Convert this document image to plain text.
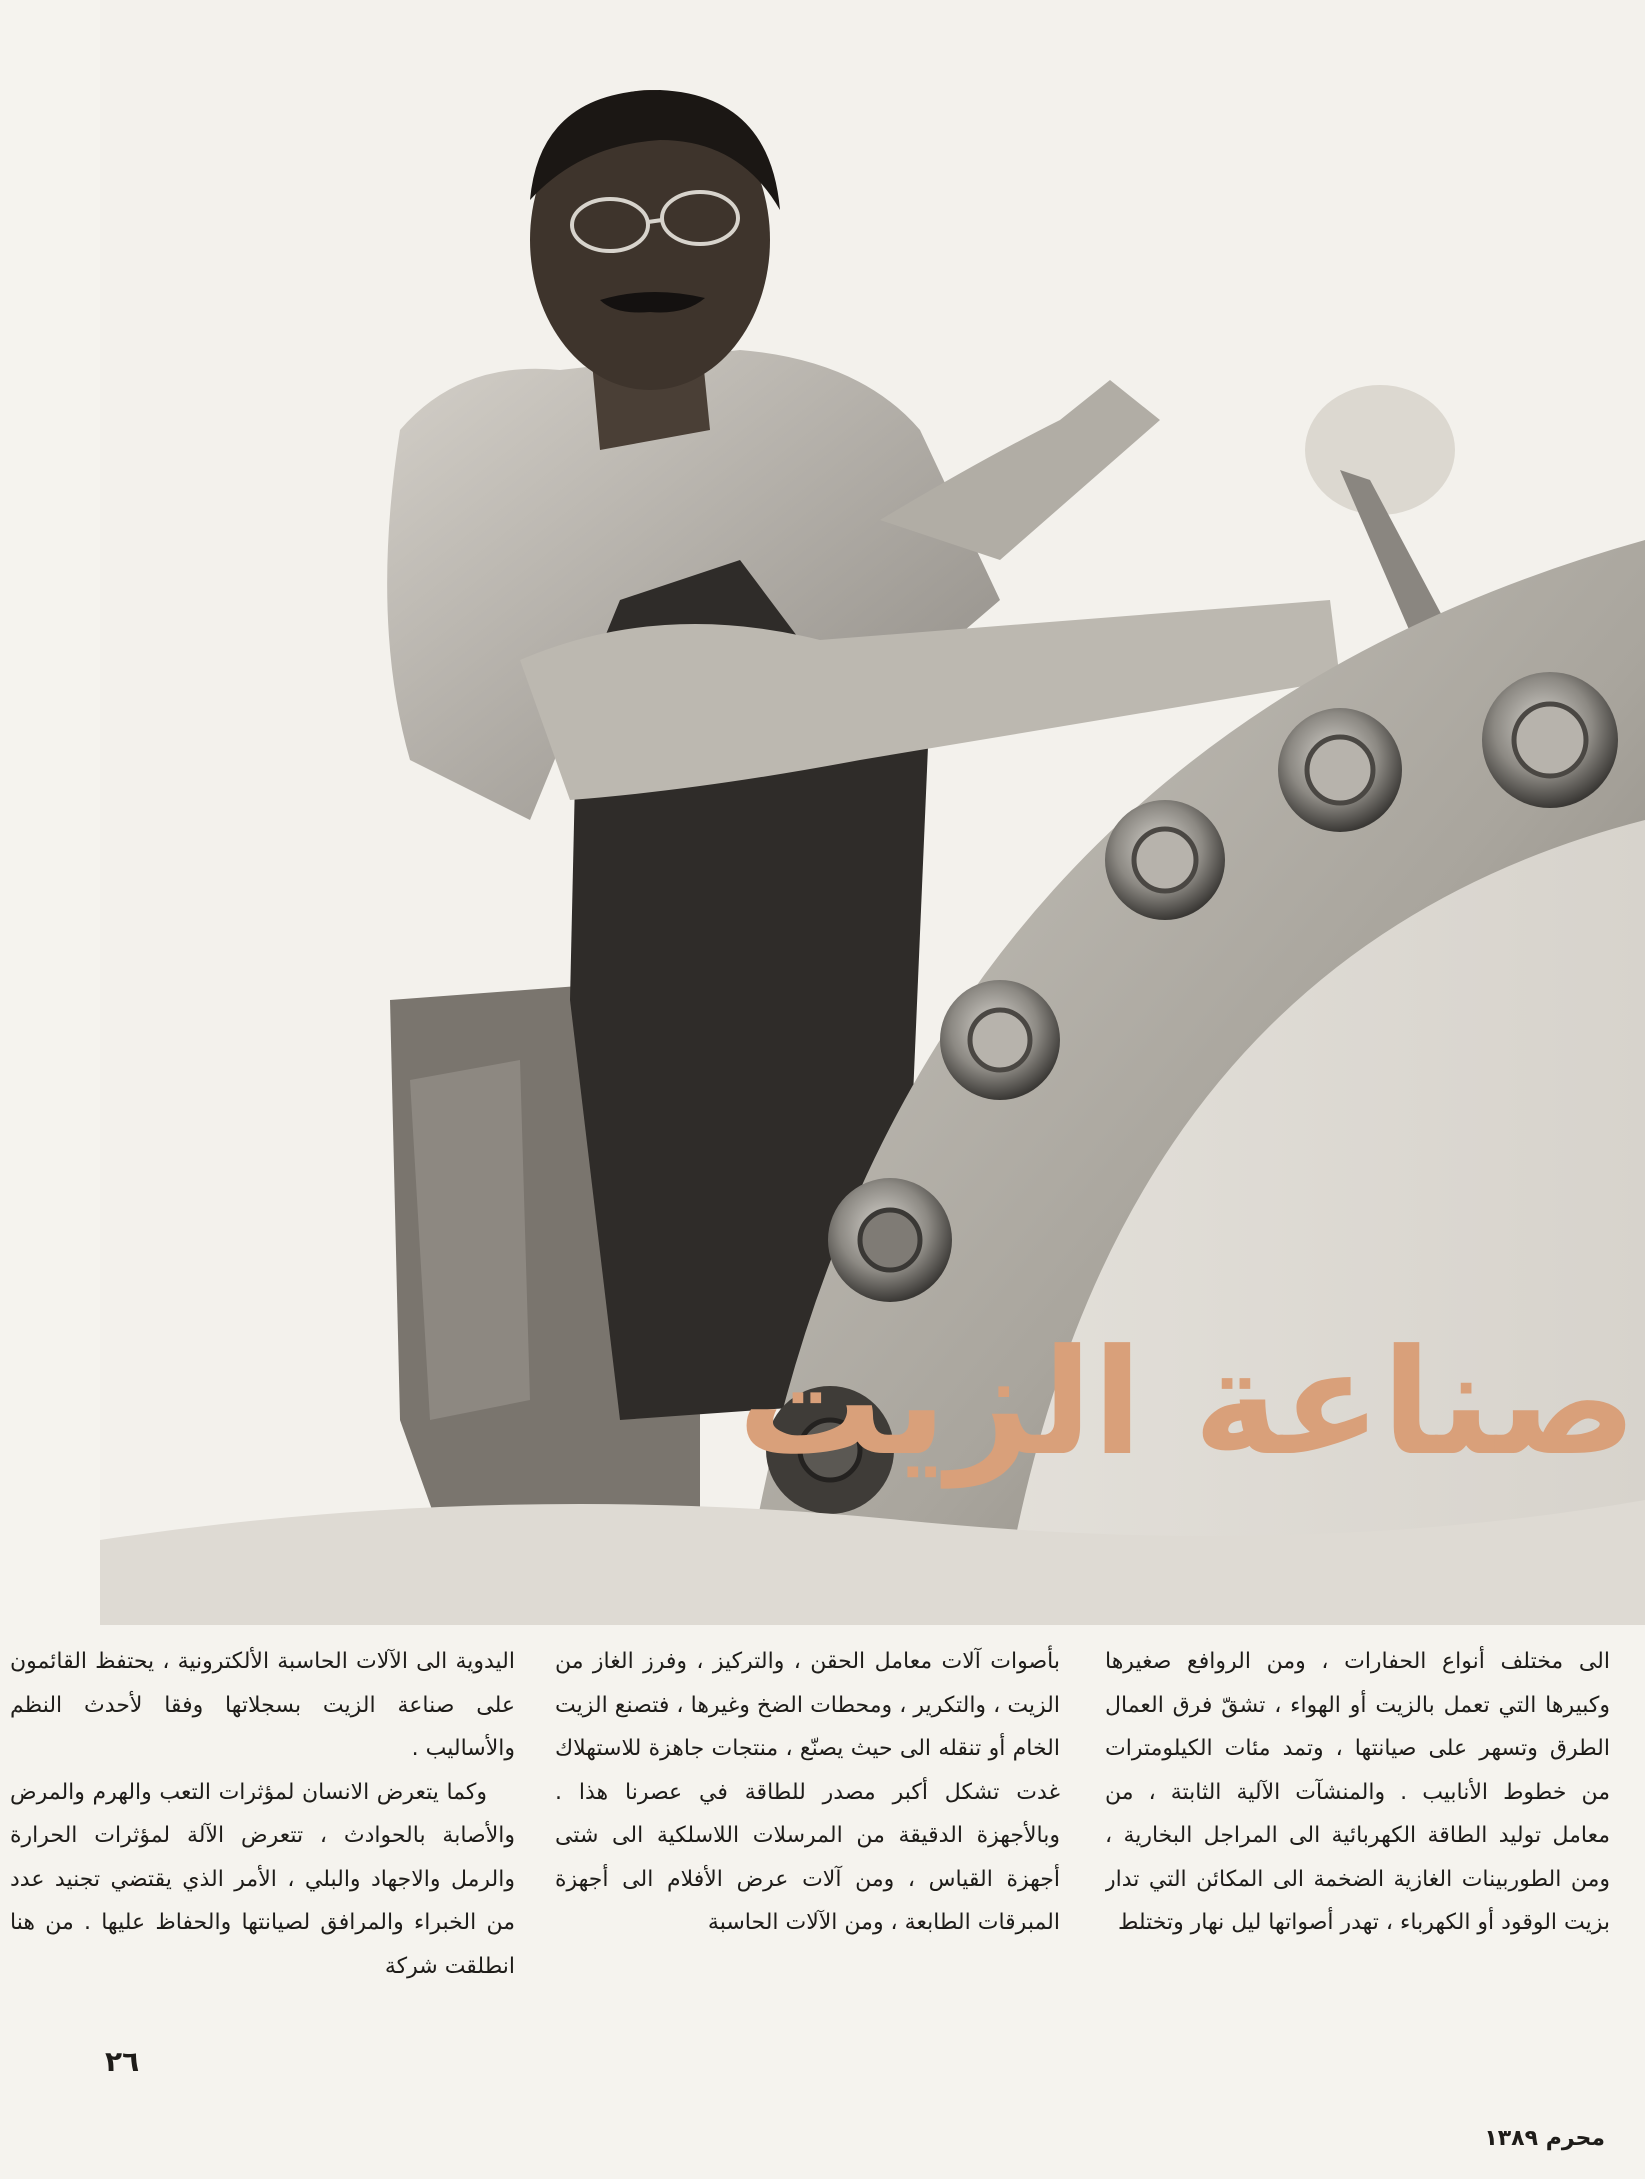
صناعة الزيت

الى مختلف أنواع الحفارات ، ومن الروافع صغيرها وكبيرها التي تعمل بالزيت أو الهواء ، تشقّ فرق العمال الطرق وتسهر على صيانتها ، وتمد مئات الكيلومترات من خطوط الأنابيب . والمنشآت الآلية الثابتة ، من معامل توليد الطاقة الكهربائية الى المراجل البخارية ، ومن الطوربينات الغازية الضخمة الى المكائن التي تدار بزيت الوقود أو الكهرباء ، تهدر أصواتها ليل نهار وتختلط

بأصوات آلات معامل الحقن ، والتركيز ، وفرز الغاز من الزيت ، والتكرير ، ومحطات الضخ وغيرها ، فتصنع الزيت الخام أو تنقله الى حيث يصنّع ، منتجات جاهزة للاستهلاك غدت تشكل أكبر مصدر للطاقة في عصرنا هذا . وبالأجهزة الدقيقة من المرسلات اللاسلكية الى شتى أجهزة القياس ، ومن آلات عرض الأفلام الى أجهزة المبرقات الطابعة ، ومن الآلات الحاسبة

اليدوية الى الآلات الحاسبة الألكترونية ، يحتفظ القائمون على صناعة الزيت بسجلاتها وفقا لأحدث النظم والأساليب .

وكما يتعرض الانسان لمؤثرات التعب والهرم والمرض والأصابة بالحوادث ، تتعرض الآلة لمؤثرات الحرارة والرمل والاجهاد والبلي ، الأمر الذي يقتضي تجنيد عدد من الخبراء والمرافق لصيانتها والحفاظ عليها . من هنا انطلقت شركة

٢٦
محرم ١٣٨٩
